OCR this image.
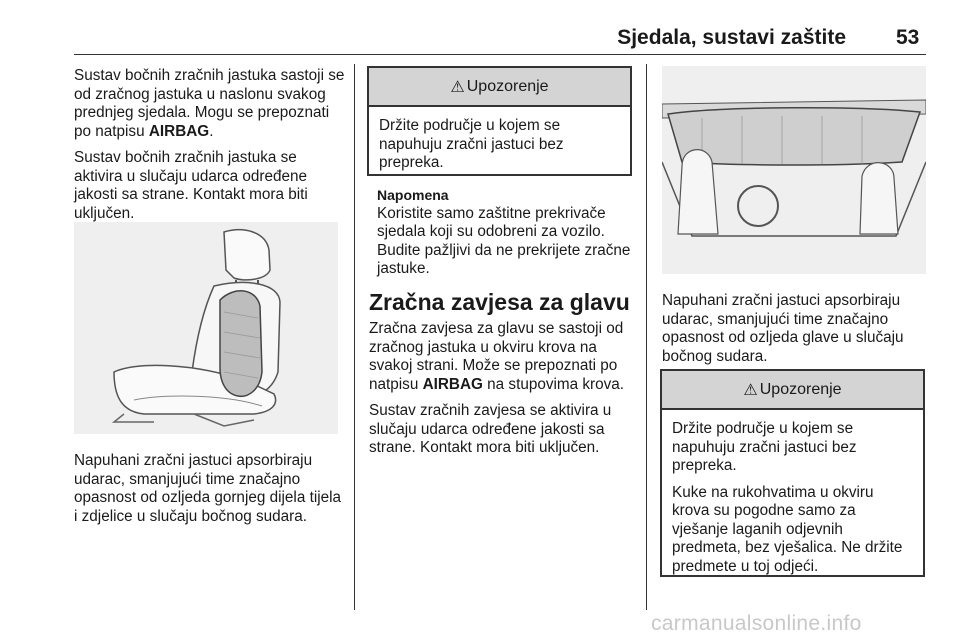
Sjedala, sustavi zaštite 53

Sustav bočnih zračnih jastuka sastoji se od zračnog jastuka u naslonu svakog prednjeg sjedala. Mogu se prepoznati po natpisu AIRBAG.

Sustav bočnih zračnih jastuka se aktivira u slučaju udarca određene jakosti sa strane. Kontakt mora biti uključen.

Napuhani zračni jastuci apsorbiraju udarac, smanjujući time značajno opasnost od ozljeda gornjeg dijela tijela i zdjelice u slučaju bočnog sudara.

⚠ Upozorenje

Držite područje u kojem se napuhuju zračni jastuci bez prepreka.

Napomena

Koristite samo zaštitne prekrivače sjedala koji su odobreni za vozilo. Budite pažljivi da ne prekrijete zračne jastuke.

Zračna zavjesa za glavu

Zračna zavjesa za glavu se sastoji od zračnog jastuka u okviru krova na svakoj strani. Može se prepoznati po natpisu AIRBAG na stupovima krova.

Sustav zračnih zavjesa se aktivira u slučaju udarca određene jakosti sa strane. Kontakt mora biti uključen.

Napuhani zračni jastuci apsorbiraju udarac, smanjujući time značajno opasnost od ozljeda glave u slučaju bočnog sudara.

⚠ Upozorenje

Držite područje u kojem se napuhuju zračni jastuci bez prepreka.

Kuke na rukohvatima u okviru krova su pogodne samo za vješanje laganih odjevnih predmeta, bez vješalica. Ne držite predmete u toj odjeći.

carmanualsonline.info
